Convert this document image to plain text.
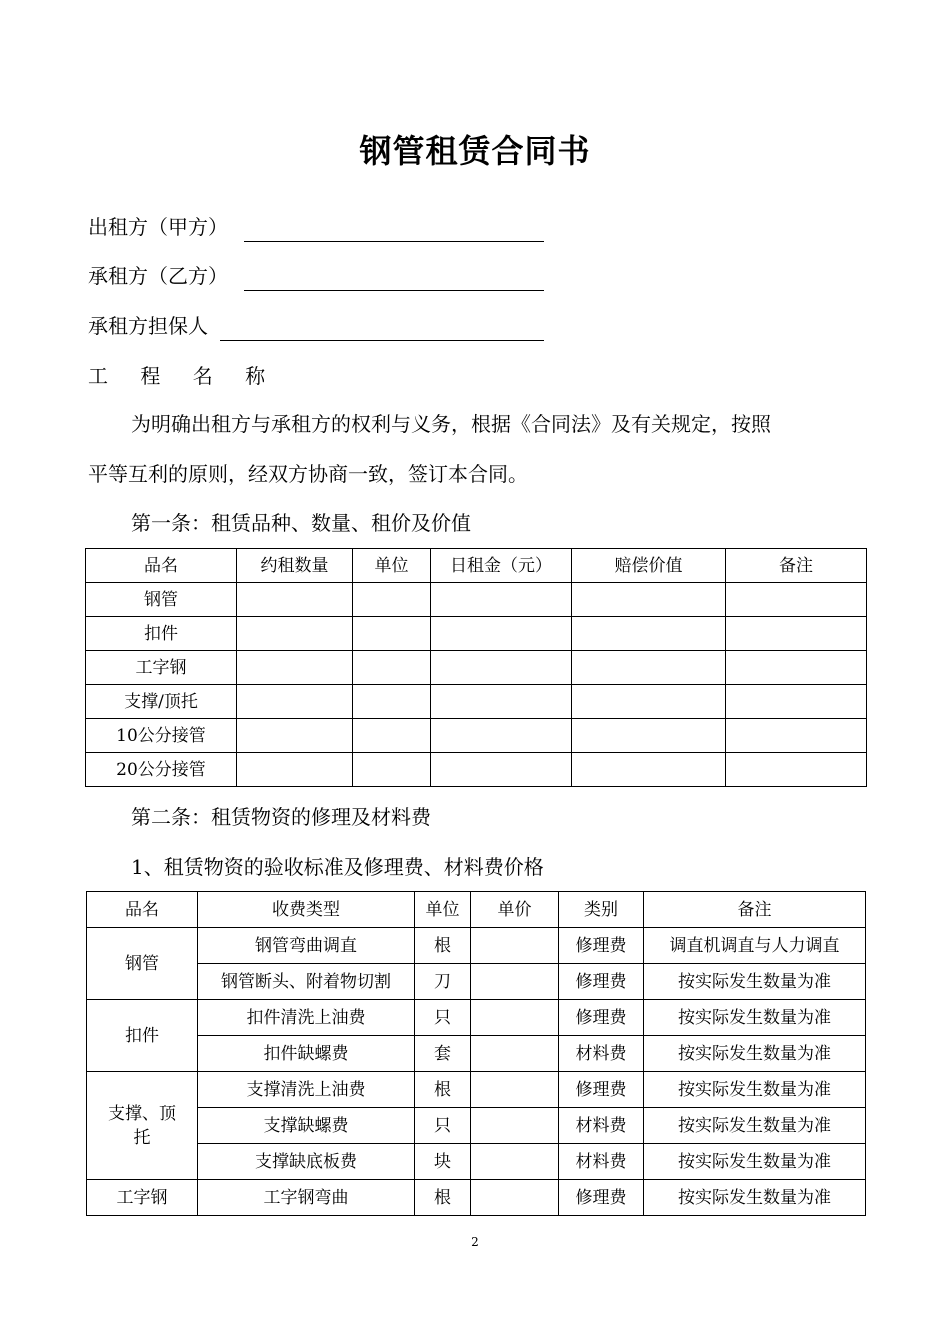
钢管租赁合同书
出租方（甲方）
承租方（乙方）
承租方担保人
工 程 名 称
为明确出租方与承租方的权利与义务，根据《合同法》及有关规定，按照
平等互利的原则，经双方协商一致，签订本合同。
第一条：租赁品种、数量、租价及价值
品名	约租数量	单位	日租金（元）	赔偿价值	备注
钢管					
扣件					
工字钢					
支撑/顶托					
10公分接管					
20公分接管					
第二条：租赁物资的修理及材料费
1、租赁物资的验收标准及修理费、材料费价格
品名	收费类型	单位	单价	类别	备注
钢管	钢管弯曲调直	根		修理费	调直机调直与人力调直
	钢管断头、附着物切割	刀		修理费	按实际发生数量为准
扣件	扣件清洗上油费	只		修理费	按实际发生数量为准
	扣件缺螺费	套		材料费	按实际发生数量为准
支撑、顶托	支撑清洗上油费	根		修理费	按实际发生数量为准
	支撑缺螺费	只		材料费	按实际发生数量为准
	支撑缺底板费	块		材料费	按实际发生数量为准
工字钢	工字钢弯曲	根		修理费	按实际发生数量为准
2
